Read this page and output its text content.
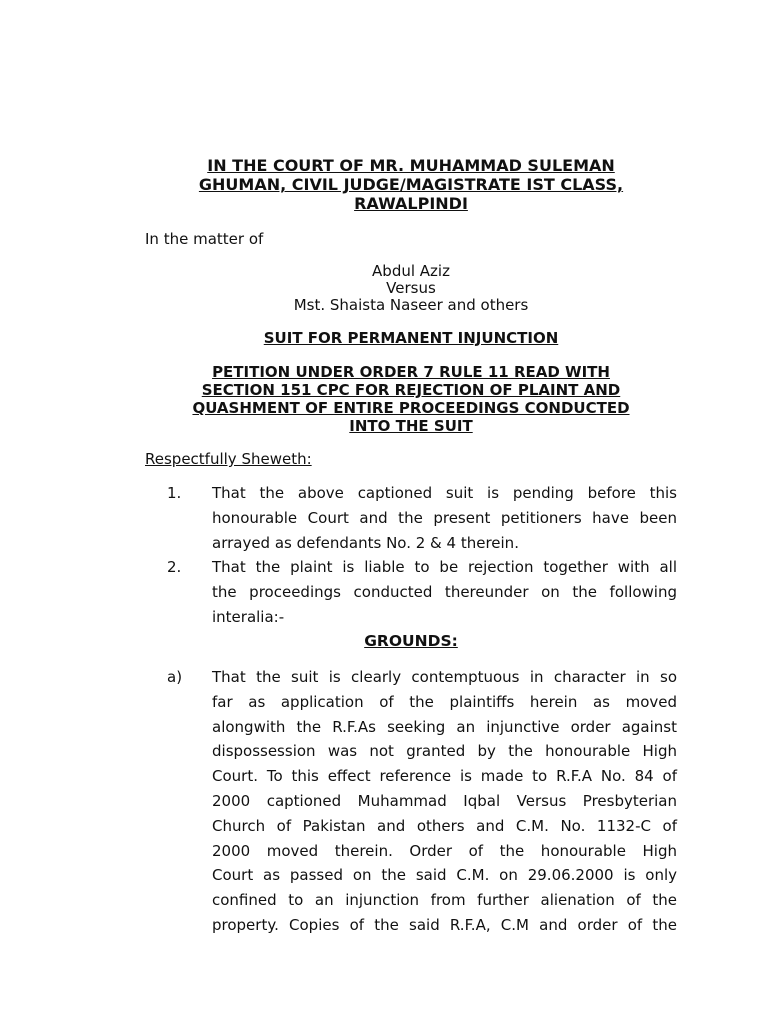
IN THE COURT OF MR. MUHAMMAD SULEMAN
GHUMAN, CIVIL JUDGE/MAGISTRATE IST CLASS,
RAWALPINDI
In the matter of
Abdul Aziz
Versus
Mst. Shaista Naseer and others
SUIT FOR PERMANENT INJUNCTION
PETITION UNDER ORDER 7 RULE 11 READ WITH
SECTION 151 CPC FOR REJECTION OF PLAINT AND
QUASHMENT OF ENTIRE PROCEEDINGS CONDUCTED
INTO THE SUIT
Respectfully Sheweth:
1. That the above captioned suit is pending before this
honourable Court and the present petitioners have been
arrayed as defendants No. 2 & 4 therein.
2. That the plaint is liable to be rejection together with all
the proceedings conducted thereunder on the following
interalia:-
GROUNDS:
a) That the suit is clearly contemptuous in character in so
far as application of the plaintiffs herein as moved
alongwith the R.F.As seeking an injunctive order against
dispossession was not granted by the honourable High
Court. To this effect reference is made to R.F.A No. 84 of
2000 captioned Muhammad Iqbal Versus Presbyterian
Church of Pakistan and others and C.M. No. 1132-C of
2000 moved therein. Order of the honourable High
Court as passed on the said C.M. on 29.06.2000 is only
confined to an injunction from further alienation of the
property. Copies of the said R.F.A, C.M and order of the
